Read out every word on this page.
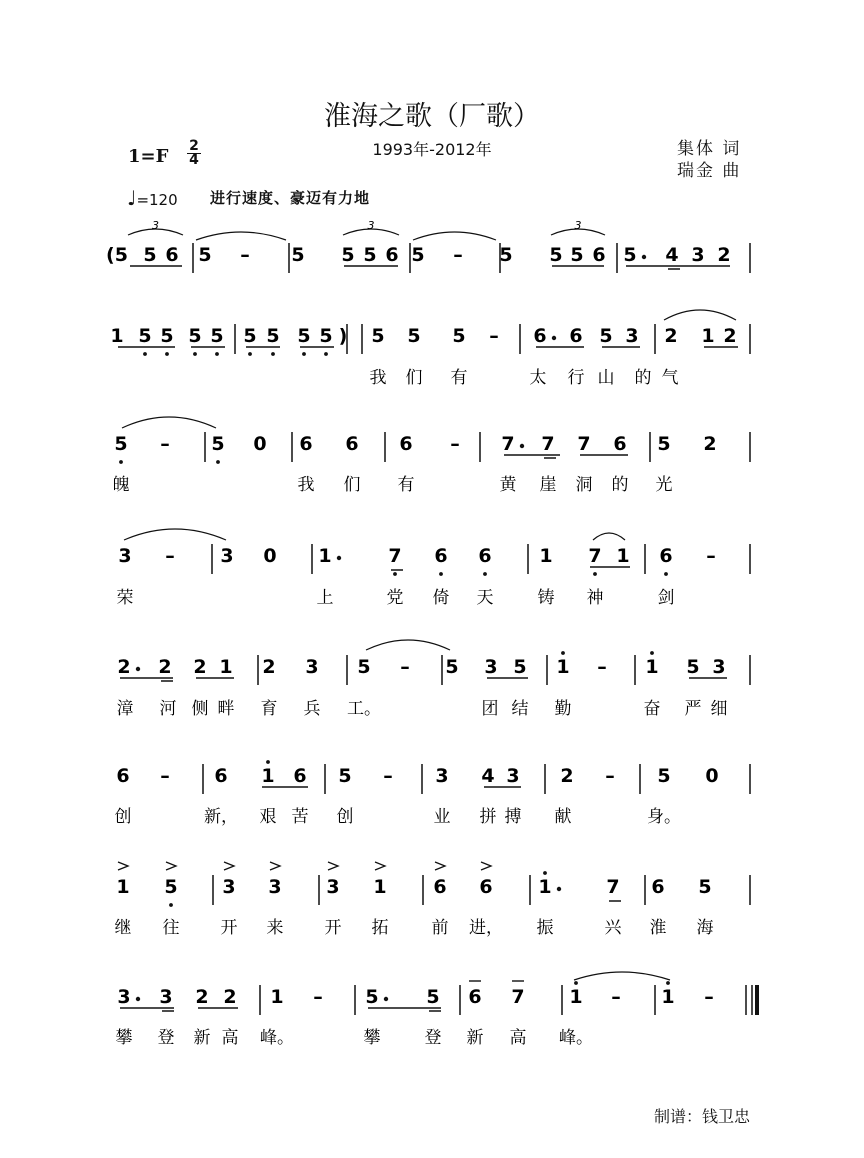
淮海之歌（厂歌）
1993年-2012年
1=F 2
4
集体 词
瑞金 曲
♩=120 进行速度、豪迈有力地
(5 5 6 5 – 5 5 5 6 5 – 5 5 5 6 5 4 3 2
3	3	3
1 5 5 5 5 5 5 5 5 ) 5 5 5 – 6 6 5 3 2 1 2
我 们 有	太 行 山 的 气
5 – 5 0 6 6 6 – 7 7 7 6 5 2
魄	我 们 有	黄 崖 洞 的 光
3 – 3 0 1	7 6 6	1 7 1 6 –
荣	上	党 倚 天	铸 神	剑
2 2 2 1 2 3 5 – 5 3 5 1 – 1 5 3
漳 河 侧 畔 育 兵 工。	团 结 勤	奋 严 细
6 – 6 1 6 5 – 3 4 3 2 – 5 0
创	新， 艰 苦 创	业 拼 搏 献	身。
1 5 3 3 3 1 6 6 1	7 6 5
继 往 开 来 开 拓	前 进， 振	兴 淮 海
3 3 2 2 1 – 5	5 6 7 1 – 1 –
攀 登 新 高 峰。	攀	登 新 高 峰。
制谱：钱卫忠
